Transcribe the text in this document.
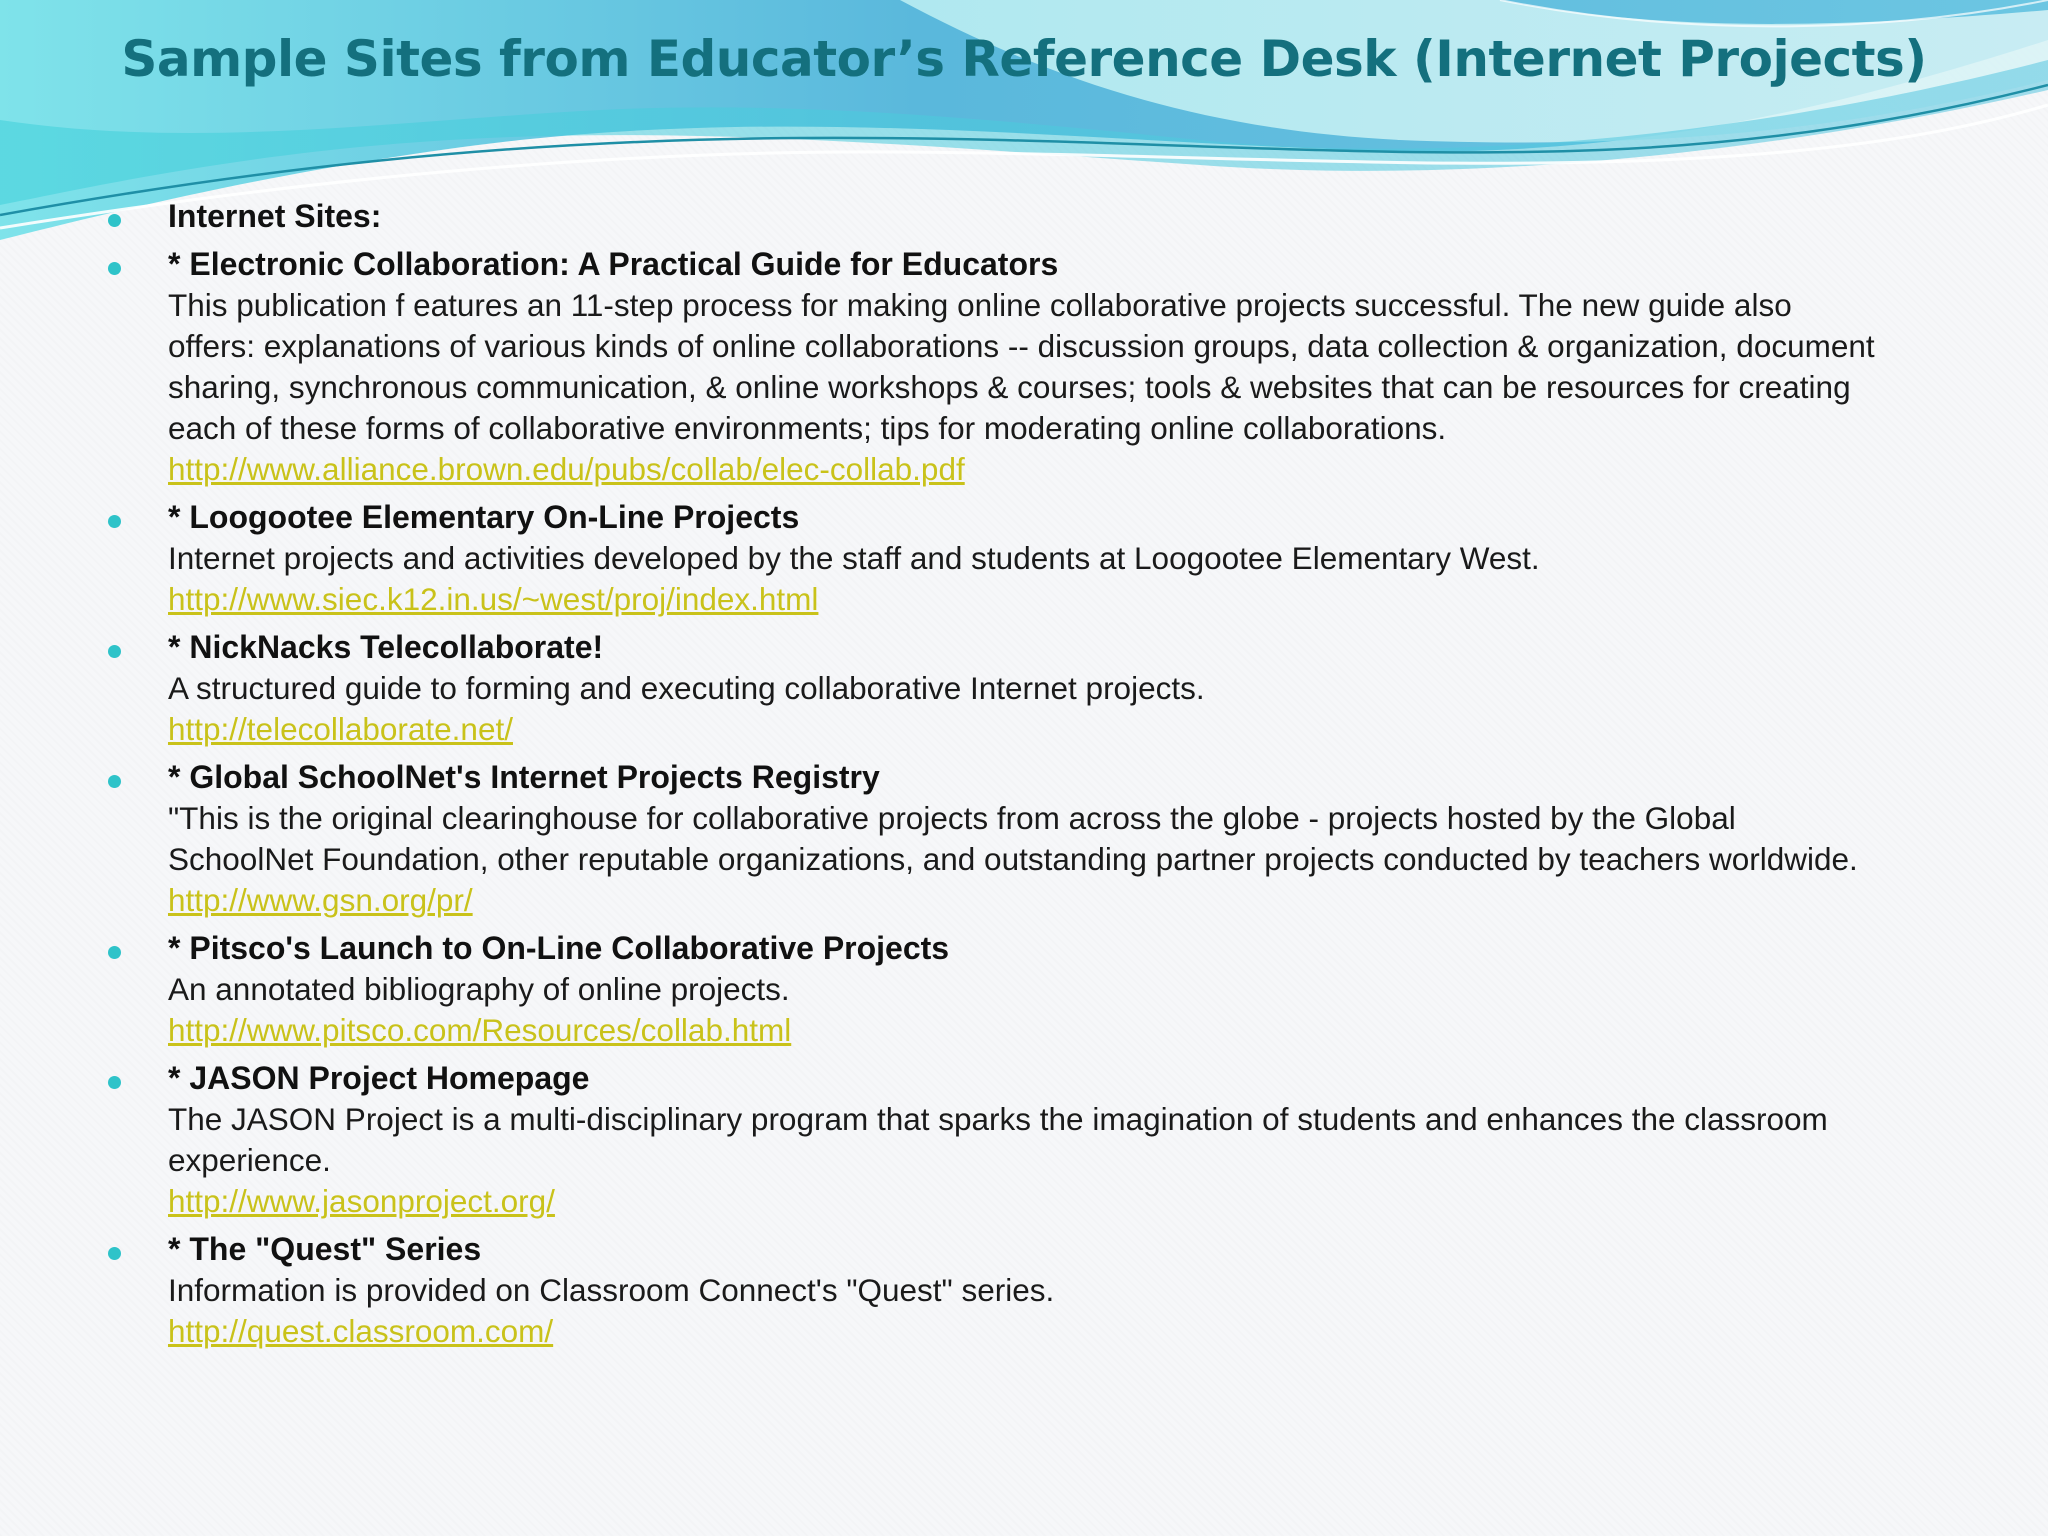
Sample Sites from Educator’s Reference Desk (Internet Projects)
Internet Sites:
* Electronic Collaboration: A Practical Guide for Educators
This publication f eatures an 11-step process for making online collaborative projects successful. The new guide also offers: explanations of various kinds of online collaborations -- discussion groups, data collection & organization, document sharing, synchronous communication, & online workshops & courses; tools & websites that can be resources for creating each of these forms of collaborative environments; tips for moderating online collaborations.
http://www.alliance.brown.edu/pubs/collab/elec-collab.pdf
* Loogootee Elementary On-Line Projects
Internet projects and activities developed by the staff and students at Loogootee Elementary West.
http://www.siec.k12.in.us/~west/proj/index.html
* NickNacks Telecollaborate!
A structured guide to forming and executing collaborative Internet projects.
http://telecollaborate.net/
* Global SchoolNet's Internet Projects Registry
"This is the original clearinghouse for collaborative projects from across the globe - projects hosted by the Global SchoolNet Foundation, other reputable organizations, and outstanding partner projects conducted by teachers worldwide.
http://www.gsn.org/pr/
* Pitsco's Launch to On-Line Collaborative Projects
An annotated bibliography of online projects.
http://www.pitsco.com/Resources/collab.html
* JASON Project Homepage
The JASON Project is a multi-disciplinary program that sparks the imagination of students and enhances the classroom experience.
http://www.jasonproject.org/
* The "Quest" Series
Information is provided on Classroom Connect's "Quest" series.
http://quest.classroom.com/
